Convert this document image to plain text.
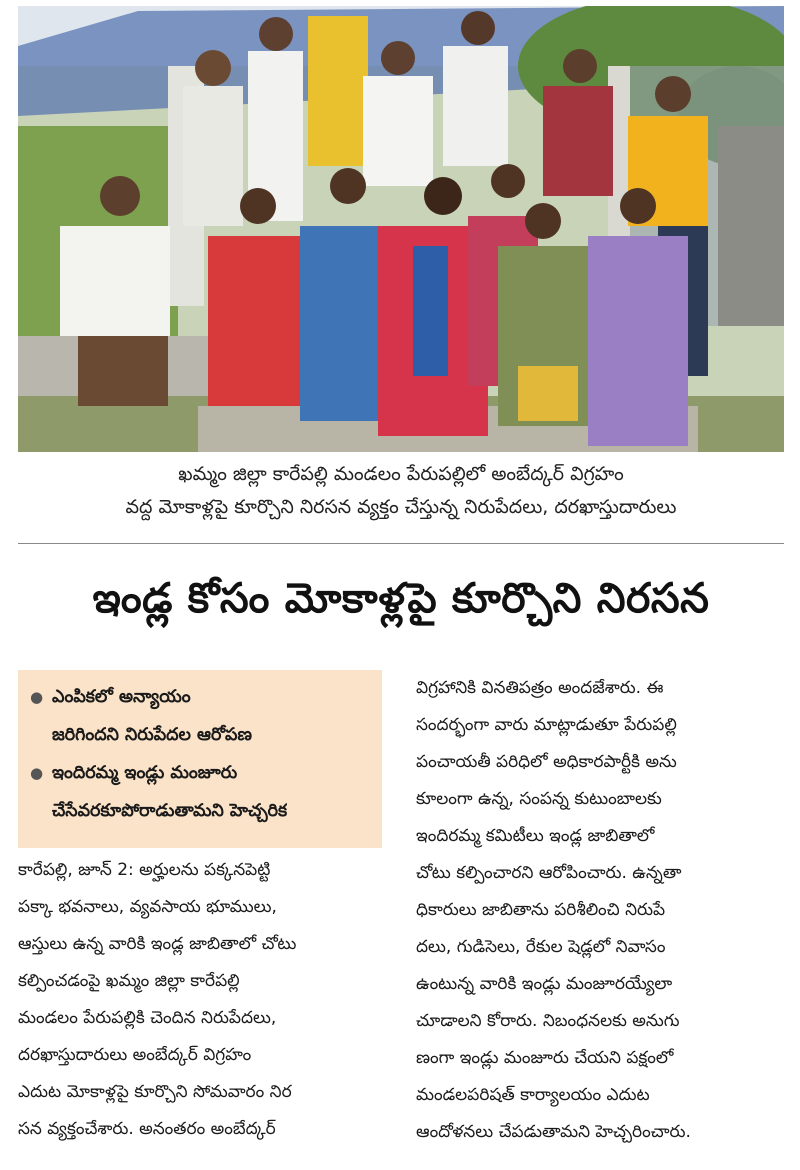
ఖమ్మం జిల్లా కారేపల్లి మండలం పేరుపల్లిలో అంబేద్కర్ విగ్రహం
వద్ద మోకాళ్లపై కూర్చొని నిరసన వ్యక్తం చేస్తున్న నిరుపేదలు, దరఖాస్తుదారులు
ఇండ్ల కోసం మోకాళ్లపై కూర్చొని నిరసన
● ఎంపికలో అన్యాయం
జరిగిందని నిరుపేదల ఆరోపణ
● ఇందిరమ్మ ఇండ్లు మంజూరు
చేసేవరకూపోరాడుతామని హెచ్చరిక
కారేపల్లి, జూన్ 2: అర్హులను పక్కనపెట్టి
పక్కా భవనాలు, వ్యవసాయ భూములు,
ఆస్తులు ఉన్న వారికి ఇండ్ల జాబితాలో చోటు
కల్పించడంపై ఖమ్మం జిల్లా కారేపల్లి
మండలం పేరుపల్లికి చెందిన నిరుపేదలు,
దరఖాస్తుదారులు అంబేద్కర్ విగ్రహం
ఎదుట మోకాళ్లపై కూర్చొని సోమవారం నిర
సన వ్యక్తంచేశారు. అనంతరం అంబేద్కర్
విగ్రహానికి వినతిపత్రం అందజేశారు. ఈ
సందర్భంగా వారు మాట్లాడుతూ పేరుపల్లి
పంచాయతీ పరిధిలో అధికారపార్టీకి అను
కూలంగా ఉన్న, సంపన్న కుటుంబాలకు
ఇందిరమ్మ కమిటీలు ఇండ్ల జాబితాలో
చోటు కల్పించారని ఆరోపించారు. ఉన్నతా
ధికారులు జాబితాను పరిశీలించి నిరుపే
దలు, గుడిసెలు, రేకుల షెడ్లలో నివాసం
ఉంటున్న వారికి ఇండ్లు మంజూరయ్యేలా
చూడాలని కోరారు. నిబంధనలకు అనుగు
ణంగా ఇండ్లు మంజూరు చేయని పక్షంలో
మండలపరిషత్ కార్యాలయం ఎదుట
ఆందోళనలు చేపడుతామని హెచ్చరించారు.
